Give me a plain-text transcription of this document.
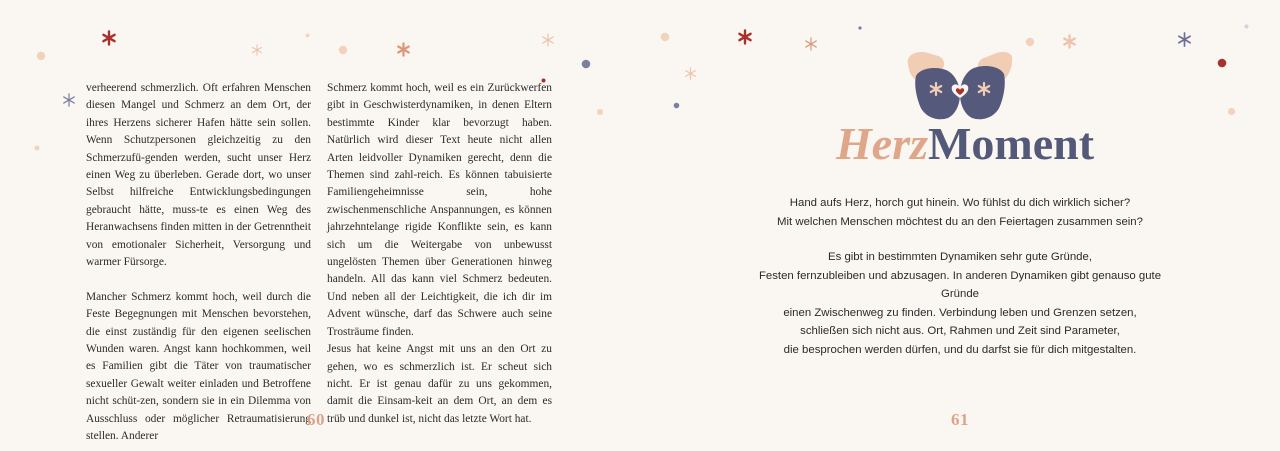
verheerend schmerzlich. Oft erfahren Menschen diesen Mangel und Schmerz an dem Ort, der ihres Herzens sicherer Hafen hätte sein sollen. Wenn Schutzpersonen gleichzeitig zu den Schmerzufü-genden werden, sucht unser Herz einen Weg zu überleben. Gerade dort, wo unser Selbst hilfreiche Entwicklungsbedingungen gebraucht hätte, muss-te es einen Weg des Heranwachsens finden mitten in der Getrenntheit von emotionaler Sicherheit, Versorgung und warmer Fürsorge.

Mancher Schmerz kommt hoch, weil durch die Feste Begegnungen mit Menschen bevorstehen, die einst zuständig für den eigenen seelischen Wunden waren. Angst kann hochkommen, weil es Familien gibt die Täter von traumatischer sexueller Gewalt weiter einladen und Betroffene nicht schüt-zen, sondern sie in ein Dilemma von Ausschluss oder möglicher Retraumatisierung stellen. Anderer

Schmerz kommt hoch, weil es ein Zurückwerfen gibt in Geschwisterdynamiken, in denen Eltern bestimmte Kinder klar bevorzugt haben. Natürlich wird dieser Text heute nicht allen Arten leidvoller Dynamiken gerecht, denn die Themen sind zahl-reich. Es können tabuisierte Familiengeheimnisse sein, hohe zwischenmenschliche Anspannungen, es können jahrzehntelange rigide Konflikte sein, es kann sich um die Weitergabe von unbewusst ungelösten Themen über Generationen hinweg handeln. All das kann viel Schmerz bedeuten. Und neben all der Leichtigkeit, die ich dir im Advent wünsche, darf das Schwere auch seine Trosträume finden.

Jesus hat keine Angst mit uns an den Ort zu gehen, wo es schmerzlich ist. Er scheut sich nicht. Er ist genau dafür zu uns gekommen, damit die Einsam-keit an dem Ort, an dem es trüb und dunkel ist, nicht das letzte Wort hat.

60
HerzMoment

Hand aufs Herz, horch gut hinein. Wo fühlst du dich wirklich sicher?

Mit welchen Menschen möchtest du an den Feiertagen zusammen sein?

Es gibt in bestimmten Dynamiken sehr gute Gründe,

Festen fernzubleiben und abzusagen. In anderen Dynamiken gibt genauso gute Gründe

einen Zwischenweg zu finden. Verbindung leben und Grenzen setzen,

schließen sich nicht aus. Ort, Rahmen und Zeit sind Parameter,

die besprochen werden dürfen, und du darfst sie für dich mitgestalten.

61
